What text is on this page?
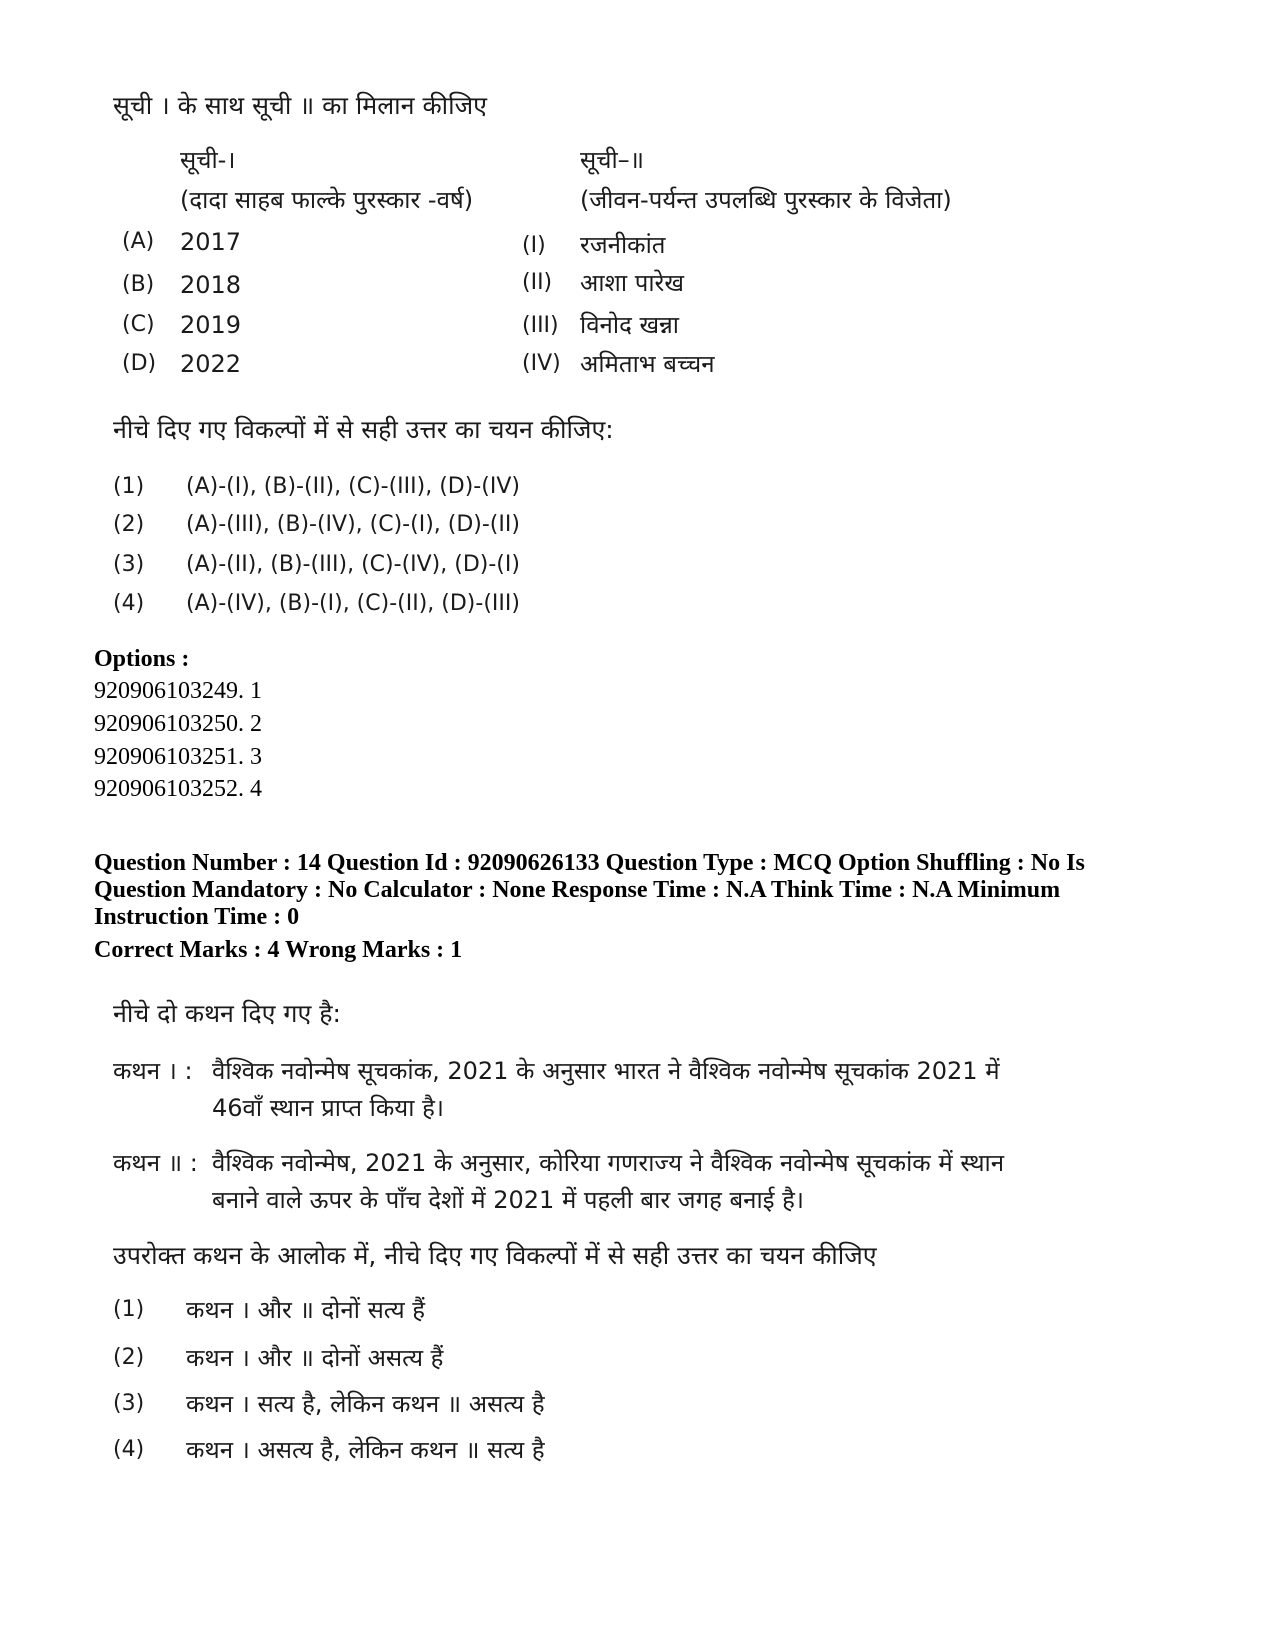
सूची । के साथ सूची ॥ का मिलान कीजिए
सूची-।
(दादा साहब फाल्के पुरस्कार -वर्ष)
सूची–॥
(जीवन-पर्यन्त उपलब्धि पुरस्कार के विजेता)
(A) 2017
(B) 2018
(C) 2019
(D) 2022
(I) रजनीकांत
(II) आशा पारेख
(III) विनोद खन्ना
(IV) अमिताभ बच्चन
नीचे दिए गए विकल्पों में से सही उत्तर का चयन कीजिए:
(1) (A)-(I), (B)-(II), (C)-(III), (D)-(IV)
(2) (A)-(III), (B)-(IV), (C)-(I), (D)-(II)
(3) (A)-(II), (B)-(III), (C)-(IV), (D)-(I)
(4) (A)-(IV), (B)-(I), (C)-(II), (D)-(III)
Options :
920906103249. 1
920906103250. 2
920906103251. 3
920906103252. 4
Question Number : 14 Question Id : 92090626133 Question Type : MCQ Option Shuffling : No Is
Question Mandatory : No Calculator : None Response Time : N.A Think Time : N.A Minimum
Instruction Time : 0
Correct Marks : 4 Wrong Marks : 1
नीचे दो कथन दिए गए है:
कथन । : वैश्विक नवोन्मेष सूचकांक, 2021 के अनुसार भारत ने वैश्विक नवोन्मेष सूचकांक 2021 में
46वाँ स्थान प्राप्त किया है।
कथन ॥ : वैश्विक नवोन्मेष, 2021 के अनुसार, कोरिया गणराज्य ने वैश्विक नवोन्मेष सूचकांक में स्थान
बनाने वाले ऊपर के पाँच देशों में 2021 में पहली बार जगह बनाई है।
उपरोक्त कथन के आलोक में, नीचे दिए गए विकल्पों में से सही उत्तर का चयन कीजिए
(1) कथन । और ॥ दोनों सत्य हैं
(2) कथन । और ॥ दोनों असत्य हैं
(3) कथन । सत्य है, लेकिन कथन ॥ असत्य है
(4) कथन । असत्य है, लेकिन कथन ॥ सत्य है
